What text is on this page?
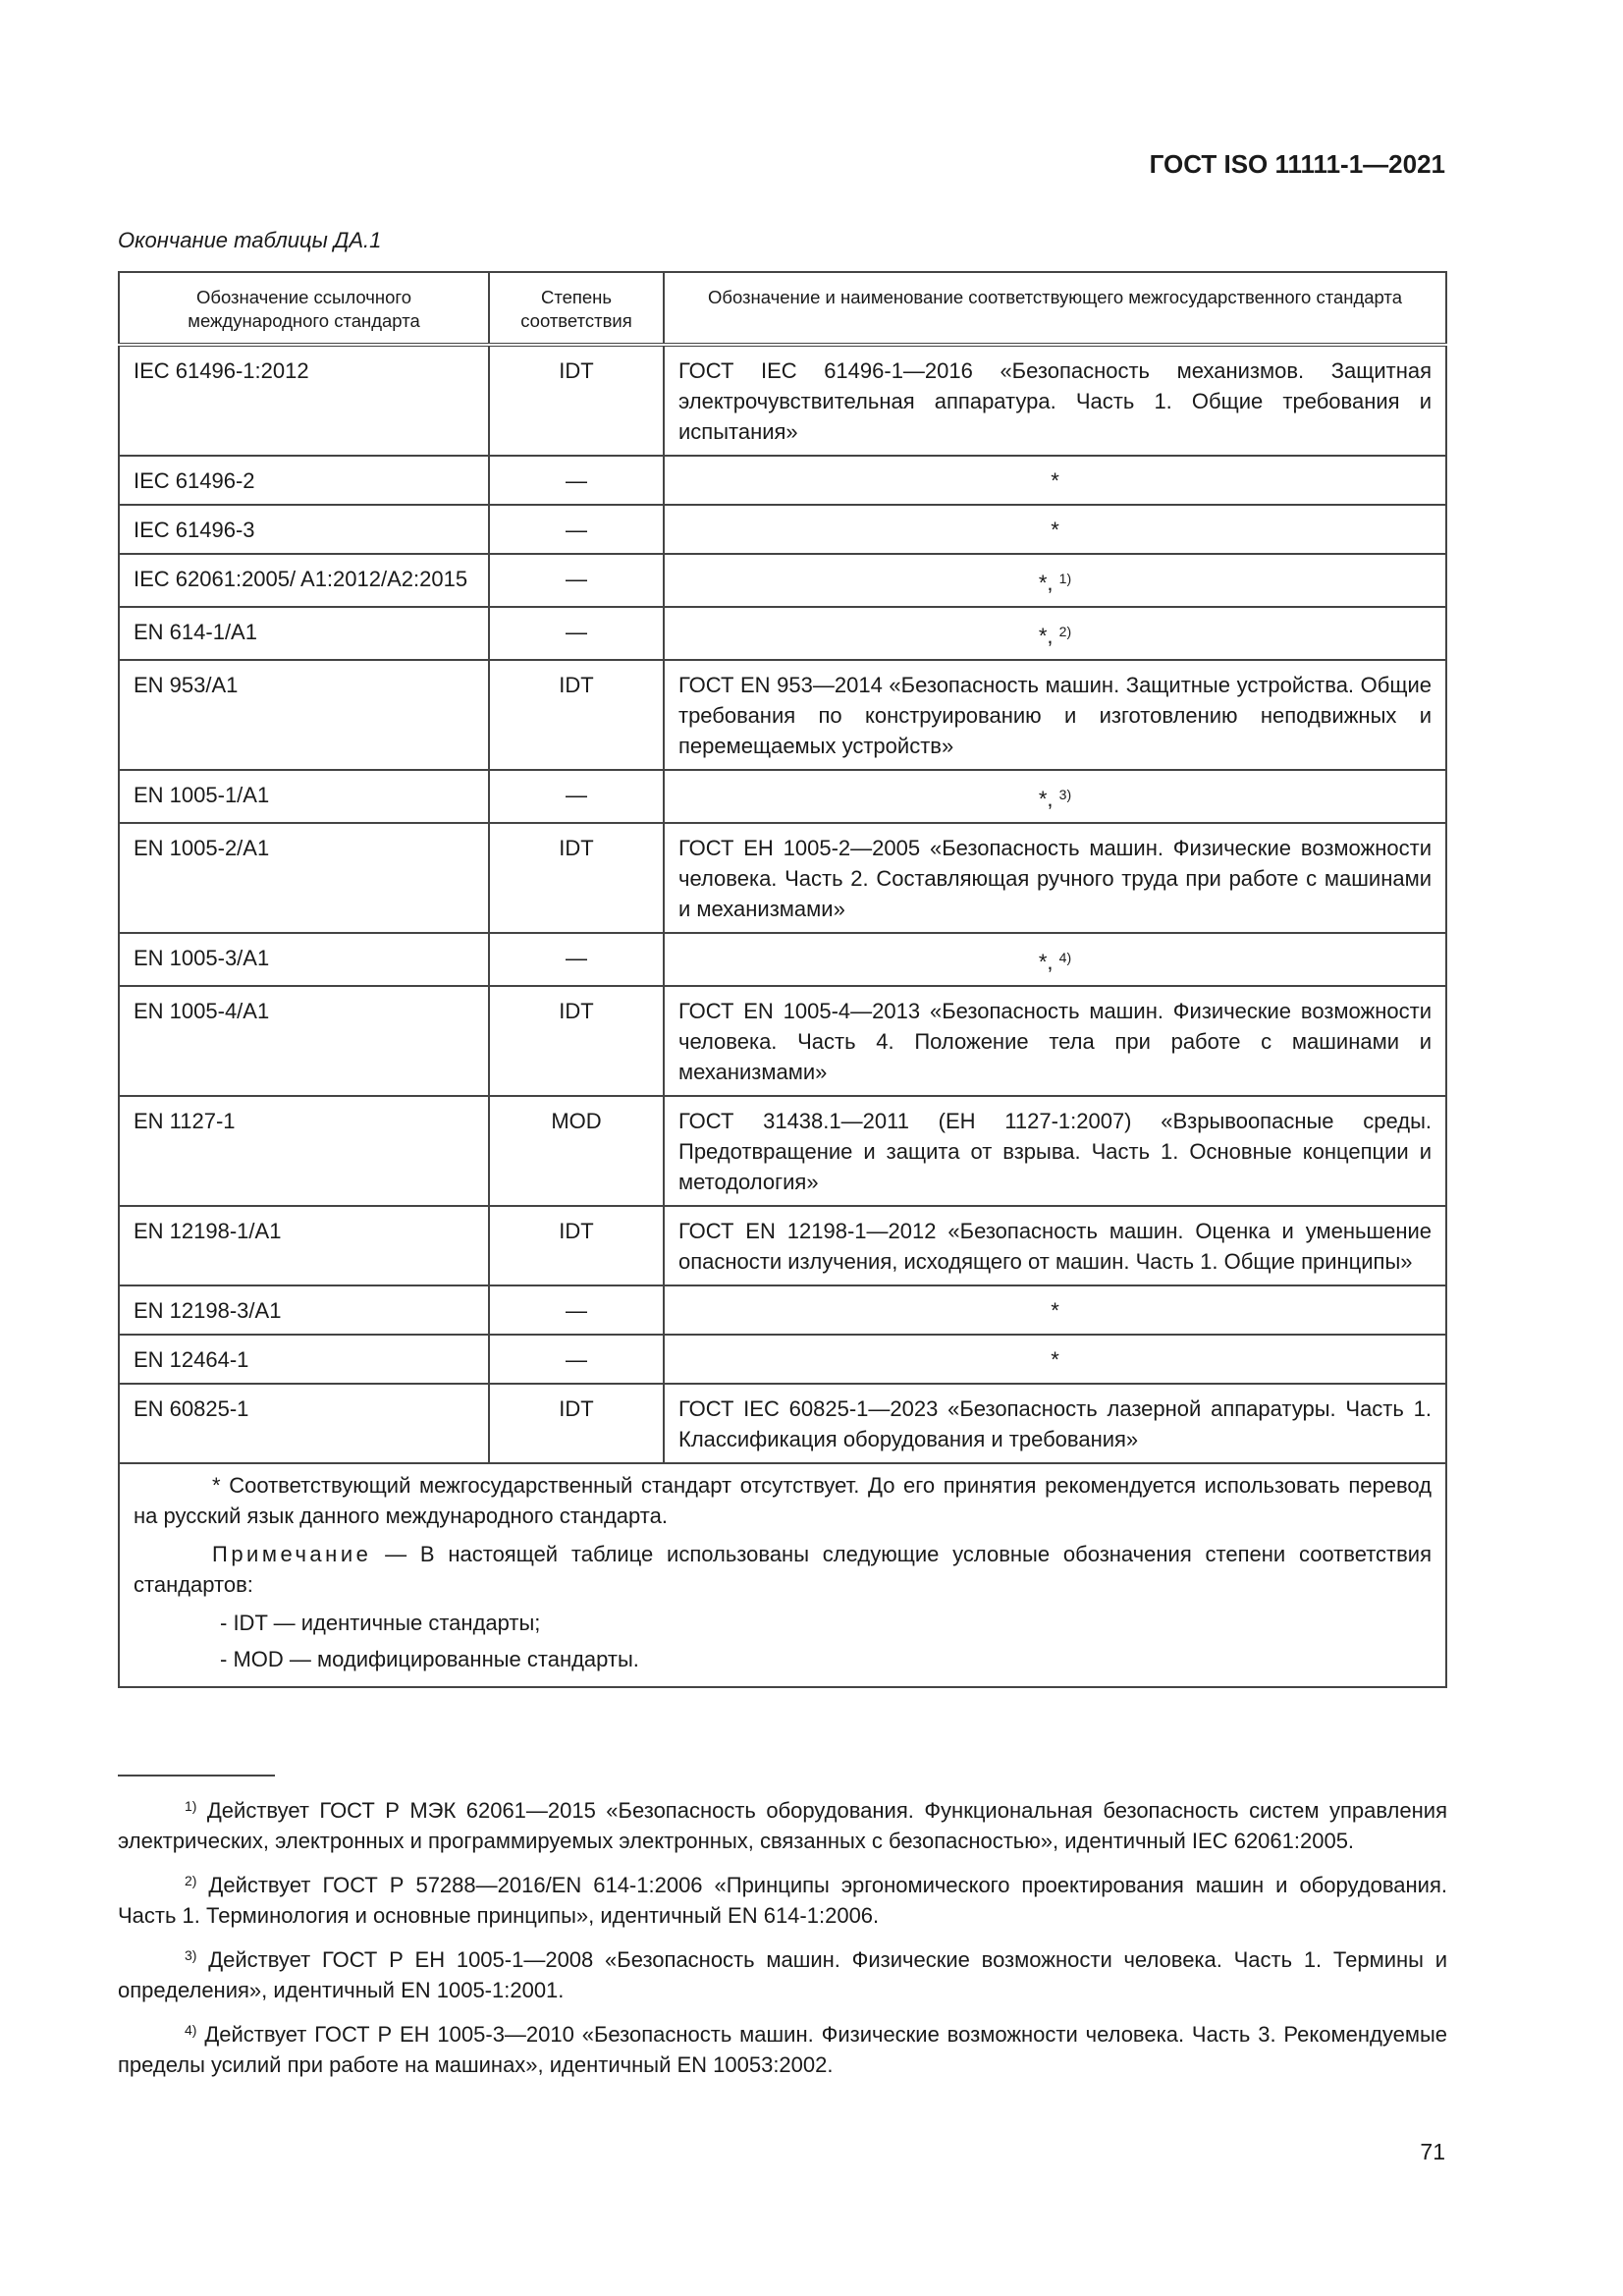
ГОСТ ISO 11111-1—2021
Окончание таблицы ДА.1
Обозначение ссылочного международного стандарта	Степень соответствия	Обозначение и наименование соответствующего межгосударственного стандарта
IEC 61496-1:2012	IDT	ГОСТ IEC 61496-1—2016 «Безопасность механизмов. Защитная электрочувствительная аппаратура. Часть 1. Общие требования и испытания»
IEC 61496-2	—	*
IEC 61496-3	—	*
IEC 62061:2005/ A1:2012/A2:2015	—	*, $^{1)}$
EN 614-1/A1	—	*, $^{2)}$
EN 953/A1	IDT	ГОСТ EN 953—2014 «Безопасность машин. Защитные устройства. Общие требования по конструированию и изготовлению неподвижных и перемещаемых устройств»
EN 1005-1/A1	—	*, $^{3)}$
EN 1005-2/A1	IDT	ГОСТ ЕН 1005-2—2005 «Безопасность машин. Физические возможности человека. Часть 2. Составляющая ручного труда при работе с машинами и механизмами»
EN 1005-3/A1	—	*, $^{4)}$
EN 1005-4/A1	IDT	ГОСТ EN 1005-4—2013 «Безопасность машин. Физические возможности человека. Часть 4. Положение тела при работе с машинами и механизмами»
EN 1127-1	MOD	ГОСТ 31438.1—2011 (ЕН 1127-1:2007) «Взрывоопасные среды. Предотвращение и защита от взрыва. Часть 1. Основные концепции и методология»
EN 12198-1/A1	IDT	ГОСТ EN 12198-1—2012 «Безопасность машин. Оценка и уменьшение опасности излучения, исходящего от машин. Часть 1. Общие принципы»
EN 12198-3/A1	—	*
EN 12464-1	—	*
EN 60825-1	IDT	ГОСТ IEC 60825-1—2023 «Безопасность лазерной аппаратуры. Часть 1. Классификация оборудования и требования»

* Соответствующий межгосударственный стандарт отсутствует. До его принятия рекомендуется использовать перевод на русский язык данного международного стандарта.

Примечание — В настоящей таблице использованы следующие условные обозначения степени соответствия стандартов:

- IDT — идентичные стандарты;

- MOD — модифицированные стандарты.		

$^{1)}$ Действует ГОСТ Р МЭК 62061—2015 «Безопасность оборудования. Функциональная безопасность систем управления электрических, электронных и программируемых электронных, связанных с безопасностью», идентичный IEC 62061:2005.

$^{2)}$ Действует ГОСТ Р 57288—2016/EN 614-1:2006 «Принципы эргономического проектирования машин и оборудования. Часть 1. Терминология и основные принципы», идентичный EN 614-1:2006.

$^{3)}$ Действует ГОСТ Р ЕН 1005-1—2008 «Безопасность машин. Физические возможности человека. Часть 1. Термины и определения», идентичный EN 1005-1:2001.

$^{4)}$ Действует ГОСТ Р ЕН 1005-3—2010 «Безопасность машин. Физические возможности человека. Часть 3. Рекомендуемые пределы усилий при работе на машинах», идентичный EN 10053:2002.

71
